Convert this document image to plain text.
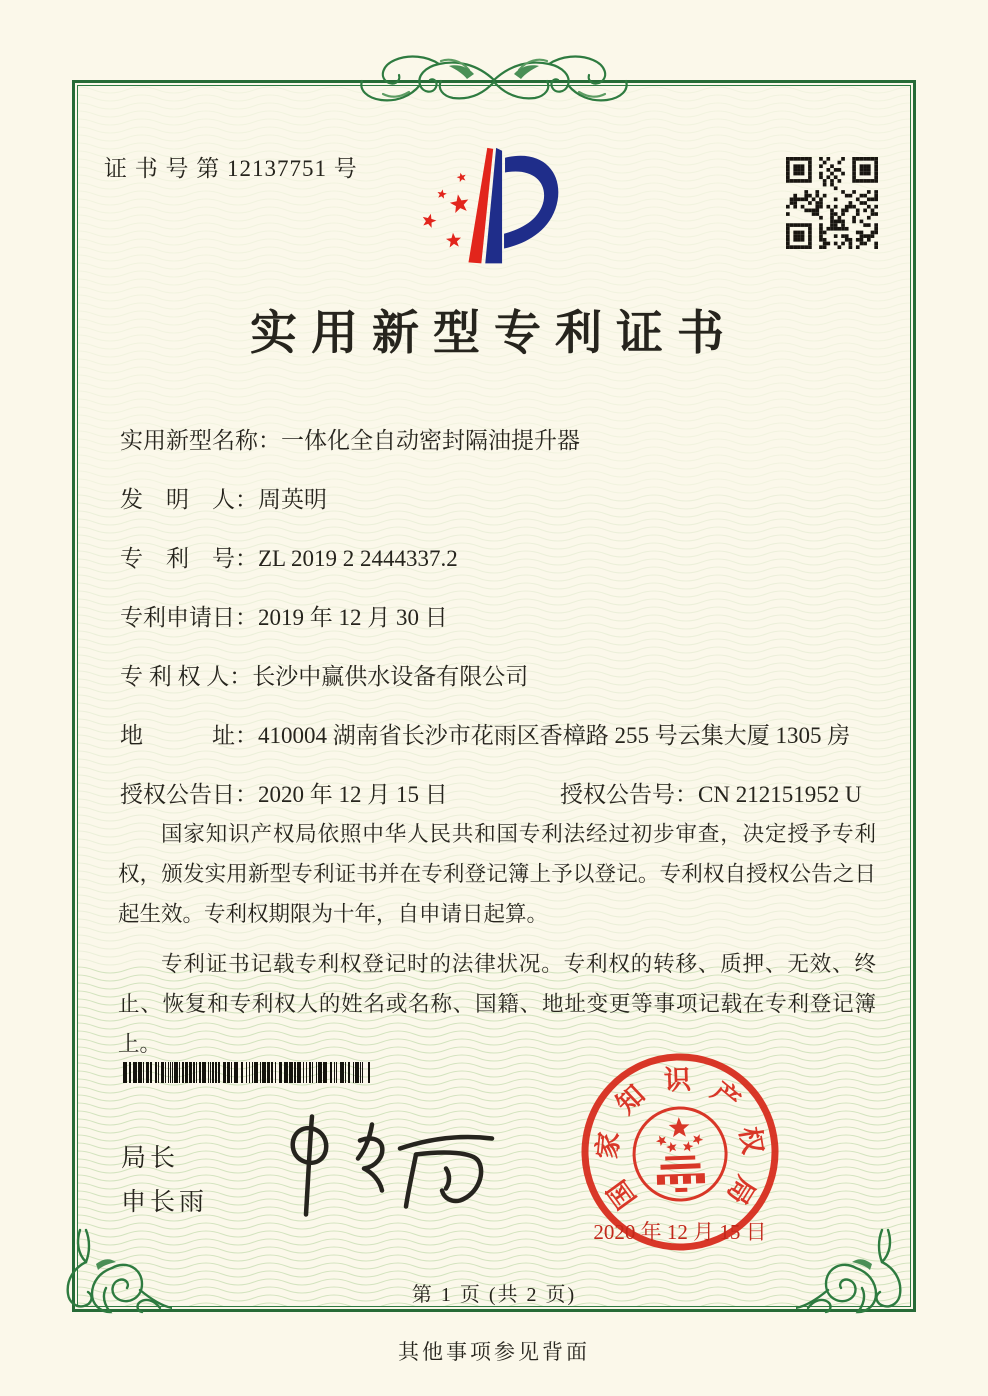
证 书 号 第 12137751 号
实用新型专利证书
实用新型名称：一体化全自动密封隔油提升器
发　明　人：周英明
专　利　号：ZL 2019 2 2444337.2
专利申请日：2019 年 12 月 30 日
专 利 权 人：长沙中赢供水设备有限公司
地　　　址：410004 湖南省长沙市花雨区香樟路 255 号云集大厦 1305 房
授权公告日：2020 年 12 月 15 日	授权公告号：CN 212151952 U

国家知识产权局依照中华人民共和国专利法经过初步审查，决定授予专利权，颁发实用新型专利证书并在专利登记簿上予以登记。专利权自授权公告之日起生效。专利权期限为十年，自申请日起算。

专利证书记载专利权登记时的法律状况。专利权的转移、质押、无效、终止、恢复和专利权人的姓名或名称、国籍、地址变更等事项记载在专利登记簿上。

局长
申长雨	国
家
知 识 产
权
局
2020 年 12 月 15 日
第 1 页 (共 2 页)
其他事项参见背面
